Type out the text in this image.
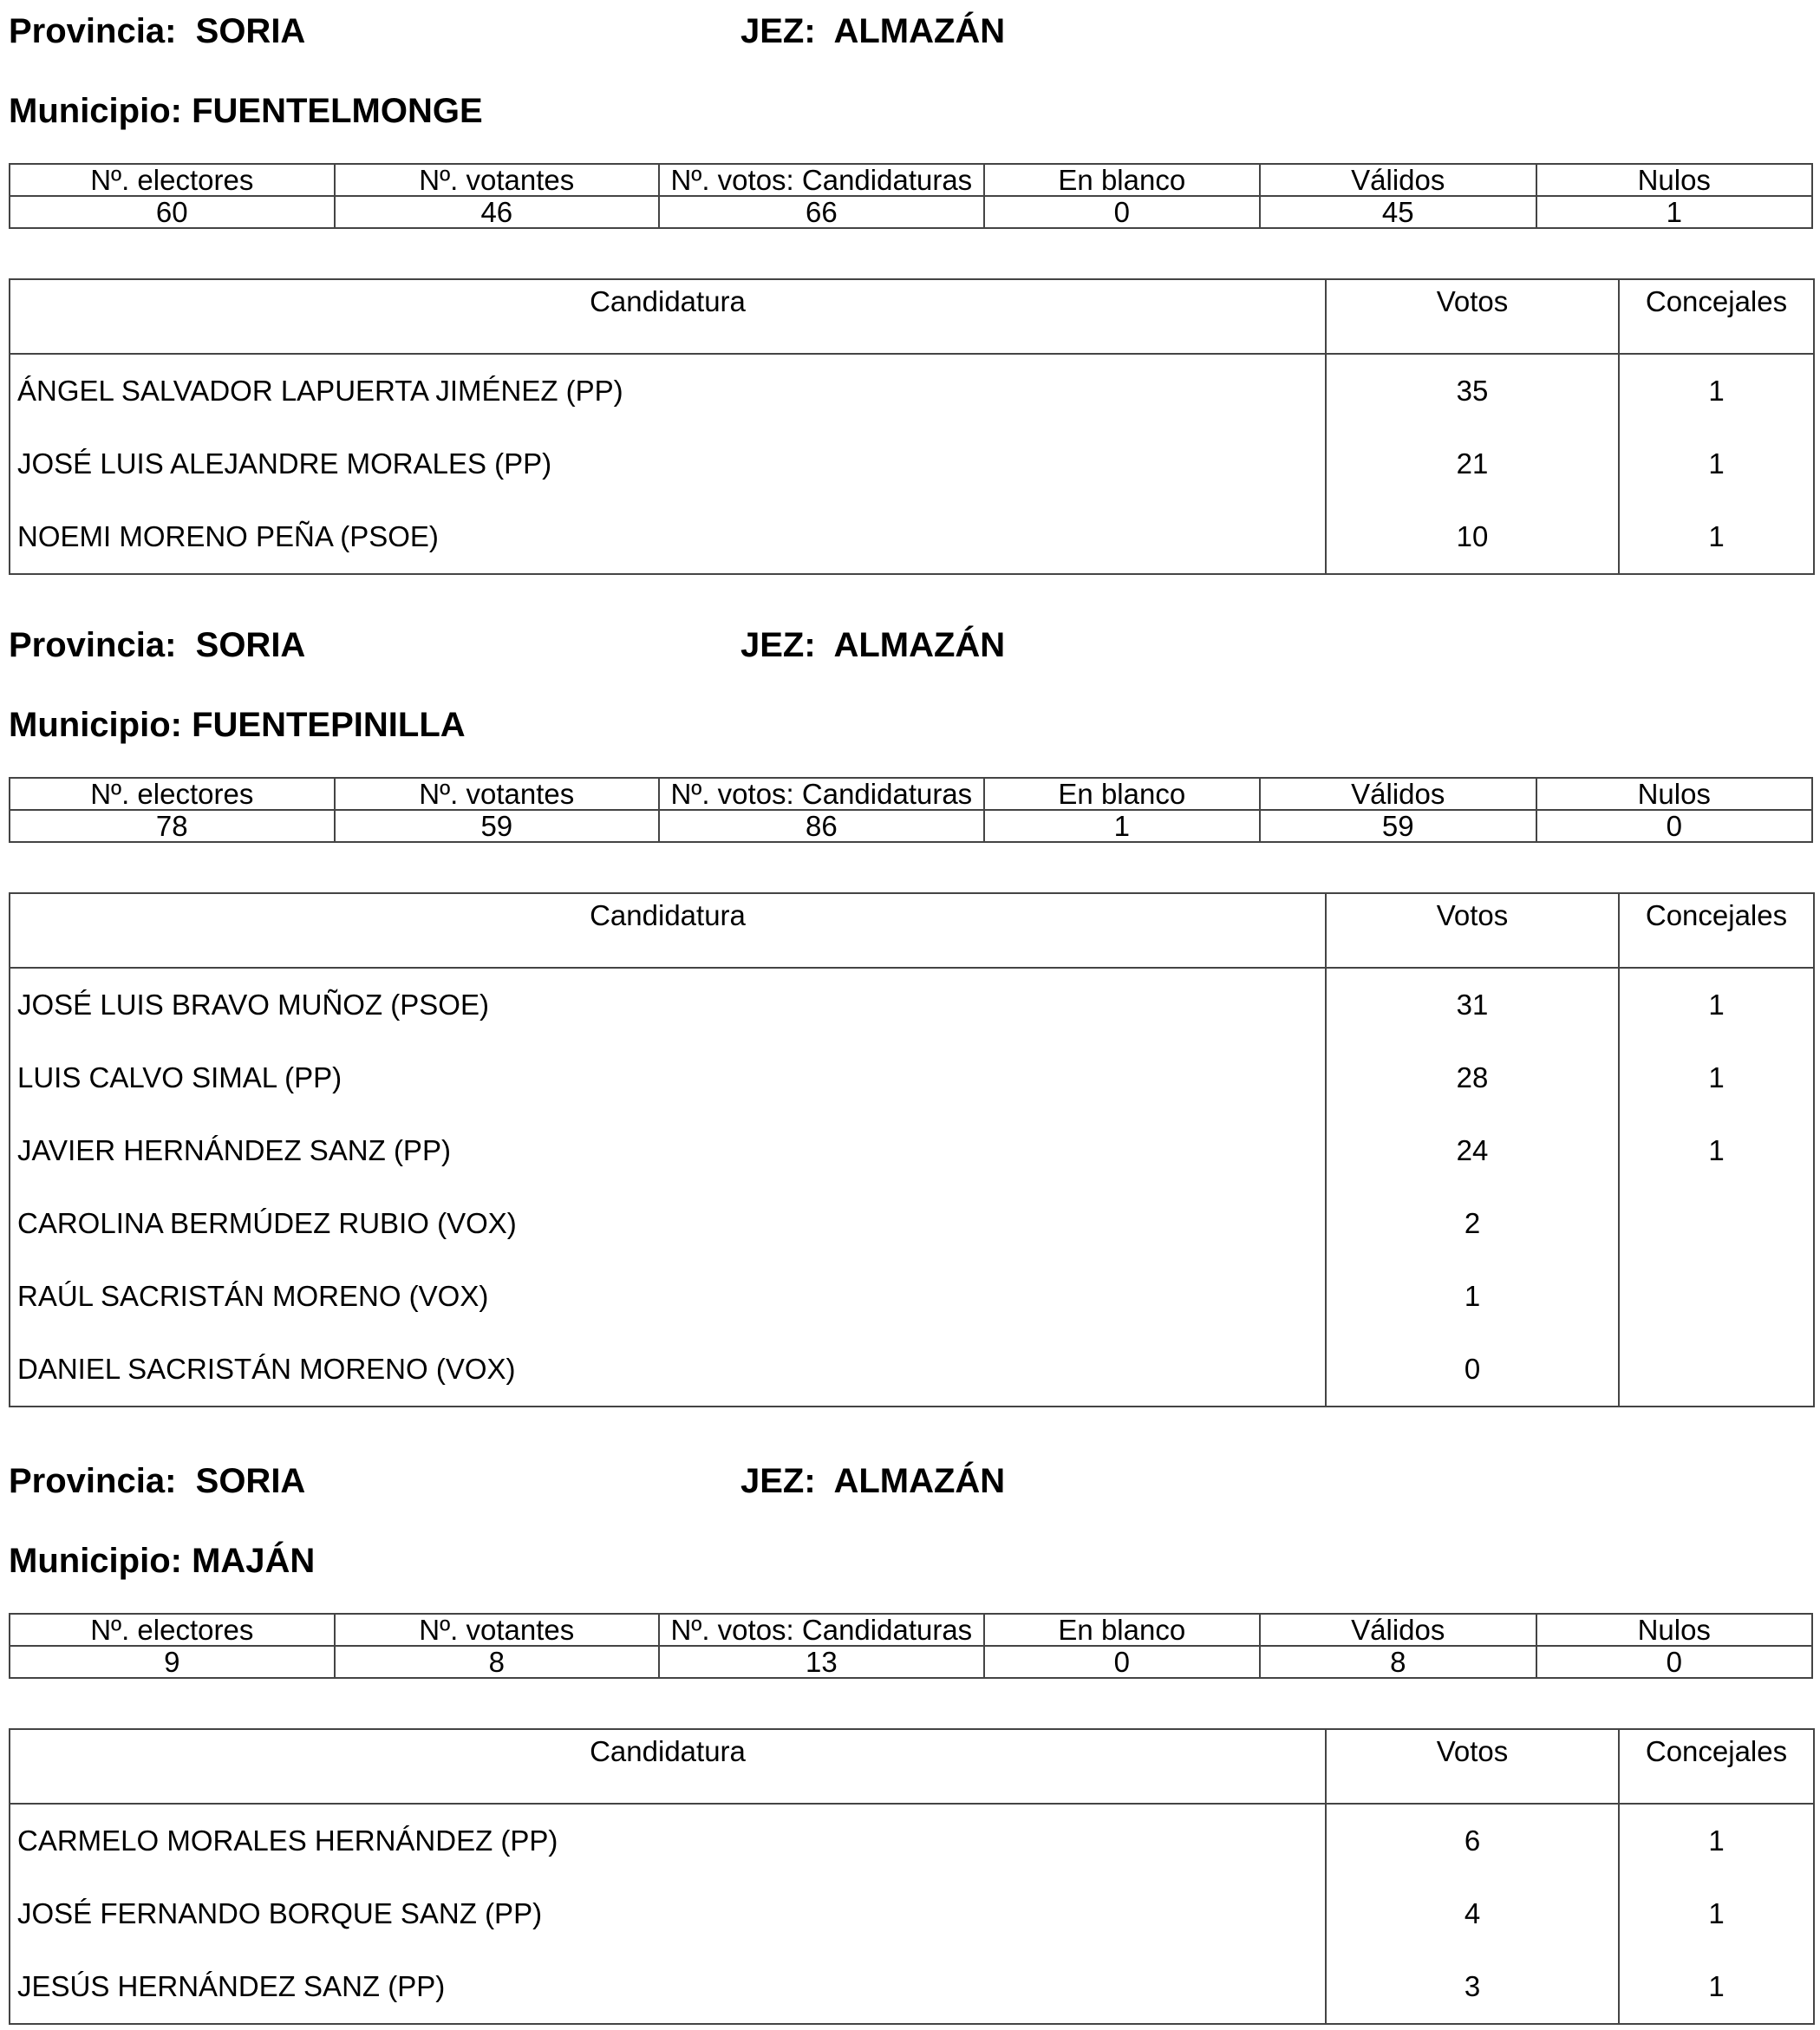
Provincia: SORIA	JEZ: ALMAZÁN
Municipio: FUENTELMONGE
Nº. electores	Nº. votantes	Nº. votos: Candidaturas	En blanco	Válidos	Nulos
60	46	66	0	45	1
Candidatura	Votos	Concejales
ÁNGEL SALVADOR LAPUERTA JIMÉNEZ (PP)	35	1
JOSÉ LUIS ALEJANDRE MORALES (PP)	21	1
NOEMI MORENO PEÑA (PSOE)	10	1
Provincia: SORIA	JEZ: ALMAZÁN
Municipio: FUENTEPINILLA
Nº. electores	Nº. votantes	Nº. votos: Candidaturas	En blanco	Válidos	Nulos
78	59	86	1	59	0
Candidatura	Votos	Concejales
JOSÉ LUIS BRAVO MUÑOZ (PSOE)	31	1
LUIS CALVO SIMAL (PP)	28	1
JAVIER HERNÁNDEZ SANZ (PP)	24	1
CAROLINA BERMÚDEZ RUBIO (VOX)	2	
RAÚL SACRISTÁN MORENO (VOX)	1	
DANIEL SACRISTÁN MORENO (VOX)	0	
Provincia: SORIA	JEZ: ALMAZÁN
Municipio: MAJÁN
Nº. electores	Nº. votantes	Nº. votos: Candidaturas	En blanco	Válidos	Nulos
9	8	13	0	8	0
Candidatura	Votos	Concejales
CARMELO MORALES HERNÁNDEZ (PP)	6	1
JOSÉ FERNANDO BORQUE SANZ (PP)	4	1
JESÚS HERNÁNDEZ SANZ (PP)	3	1
